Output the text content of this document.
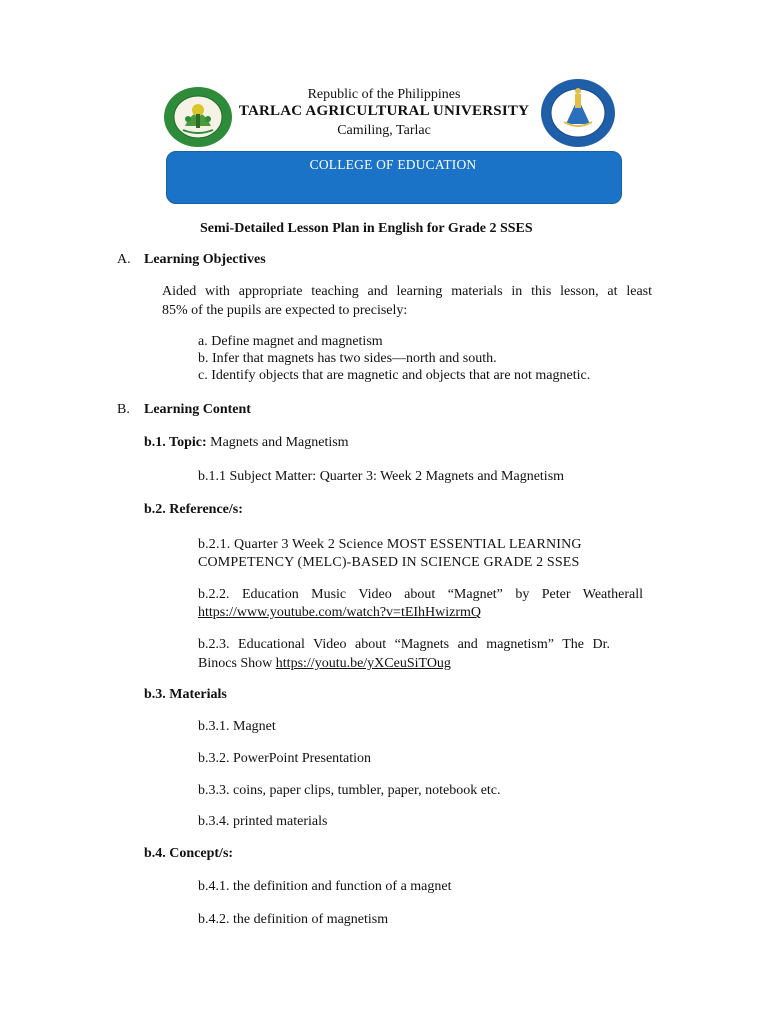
Republic of the Philippines
TARLAC AGRICULTURAL UNIVERSITY
Camiling, Tarlac
COLLEGE OF EDUCATION
Semi-Detailed Lesson Plan in English for Grade 2 SSES
A. Learning Objectives
Aided with appropriate teaching and learning materials in this lesson, at least
85% of the pupils are expected to precisely:
a. Define magnet and magnetism
b. Infer that magnets has two sides—north and south.
c. Identify objects that are magnetic and objects that are not magnetic.
B. Learning Content
b.1. Topic: Magnets and Magnetism
b.1.1 Subject Matter: Quarter 3: Week 2 Magnets and Magnetism
b.2. Reference/s:
b.2.1. Quarter 3 Week 2 Science MOST ESSENTIAL LEARNING
COMPETENCY (MELC)-BASED IN SCIENCE GRADE 2 SSES
b.2.2. Education Music Video about “Magnet” by Peter Weatherall
https://www.youtube.com/watch?v=tEIhHwizrmQ
b.2.3. Educational Video about “Magnets and magnetism” The Dr.
Binocs Show https://youtu.be/yXCeuSiTOug
b.3. Materials
b.3.1. Magnet
b.3.2. PowerPoint Presentation
b.3.3. coins, paper clips, tumbler, paper, notebook etc.
b.3.4. printed materials
b.4. Concept/s:
b.4.1. the definition and function of a magnet
b.4.2. the definition of magnetism
